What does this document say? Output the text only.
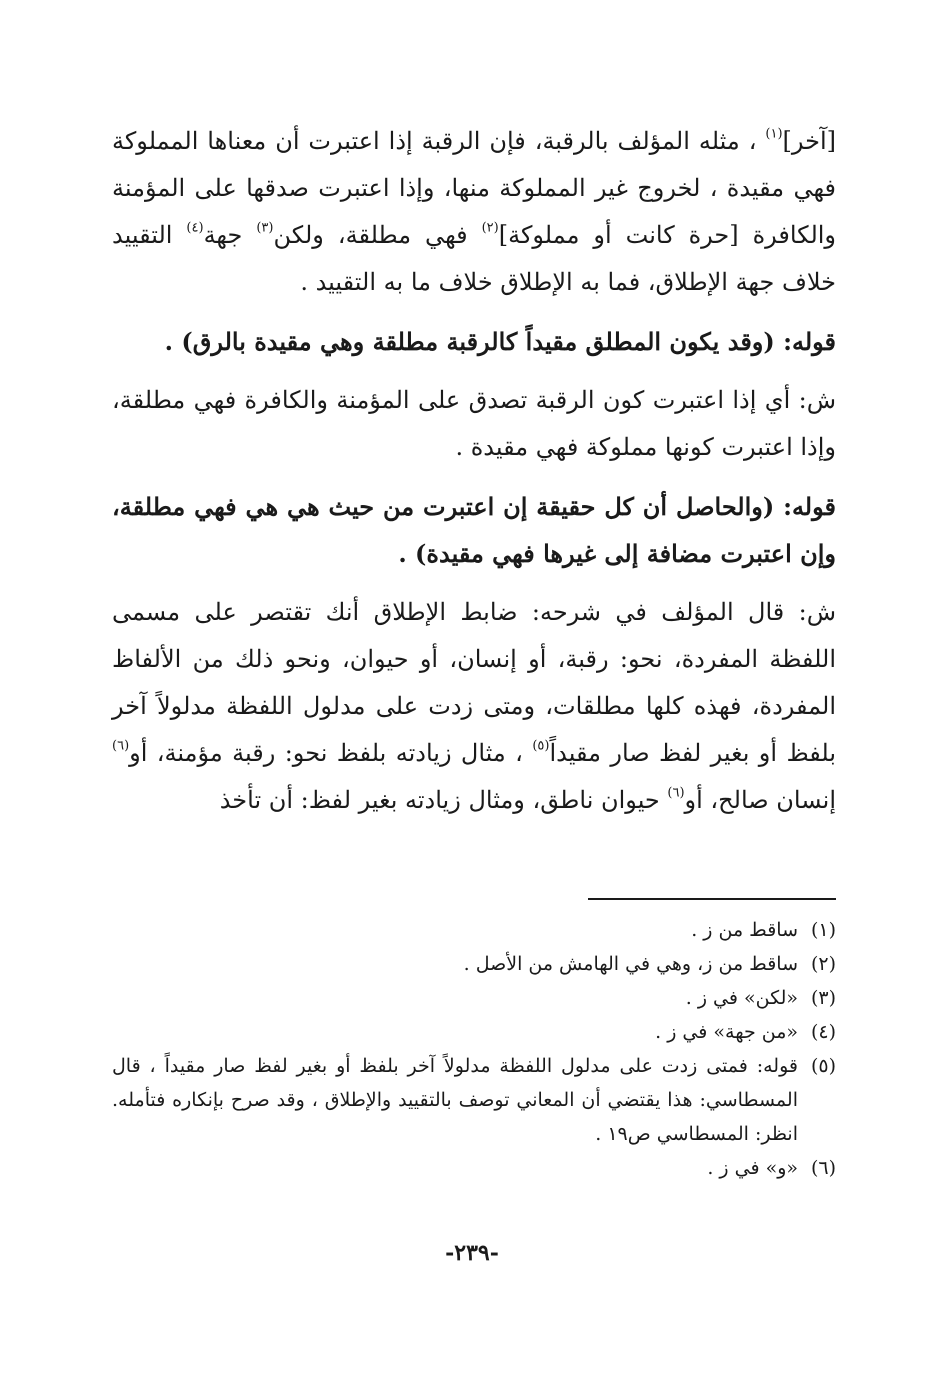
[آخر]$^{(١)}$ ، مثله المؤلف بالرقبة، فإن الرقبة إذا اعتبرت أن معناها المملوكة فهي مقيدة ، لخروج غير المملوكة منها، وإذا اعتبرت صدقها على المؤمنة والكافرة [حرة كانت أو مملوكة]$^{(٢)}$ فهي مطلقة، ولكن$^{(٣)}$ جهة$^{(٤)}$ التقييد خلاف جهة الإطلاق، فما به الإطلاق خلاف ما به التقييد .

قوله: (وقد يكون المطلق مقيداً كالرقبة مطلقة وهي مقيدة بالرق) .

ش: أي إذا اعتبرت كون الرقبة تصدق على المؤمنة والكافرة فهي مطلقة، وإذا اعتبرت كونها مملوكة فهي مقيدة .

قوله: (والحاصل أن كل حقيقة إن اعتبرت من حيث هي هي فهي مطلقة، وإن اعتبرت مضافة إلى غيرها فهي مقيدة) .

ش: قال المؤلف في شرحه: ضابط الإطلاق أنك تقتصر على مسمى اللفظة المفردة، نحو: رقبة، أو إنسان، أو حيوان، ونحو ذلك من الألفاظ المفردة، فهذه كلها مطلقات، ومتى زدت على مدلول اللفظة مدلولاً آخر بلفظ أو بغير لفظ صار مقيداً$^{(٥)}$ ، مثال زيادته بلفظ نحو: رقبة مؤمنة، أو$^{(٦)}$ إنسان صالح، أو$^{(٦)}$ حيوان ناطق، ومثال زيادته بغير لفظ: أن تأخذ

(١)
ساقط من ز .
(٢)
ساقط من ز، وهي في الهامش من الأصل .
(٣)
«لكن» في ز .
(٤)
«من جهة» في ز .
(٥)
قوله: فمتى زدت على مدلول اللفظة مدلولاً آخر بلفظ أو بغير لفظ صار مقيداً ، قال المسطاسي: هذا يقتضي أن المعاني توصف بالتقييد والإطلاق ، وقد صرح بإنكاره فتأمله. انظر: المسطاسي ص١٩ .
(٦)
«و» في ز .
-٢٣٩-
